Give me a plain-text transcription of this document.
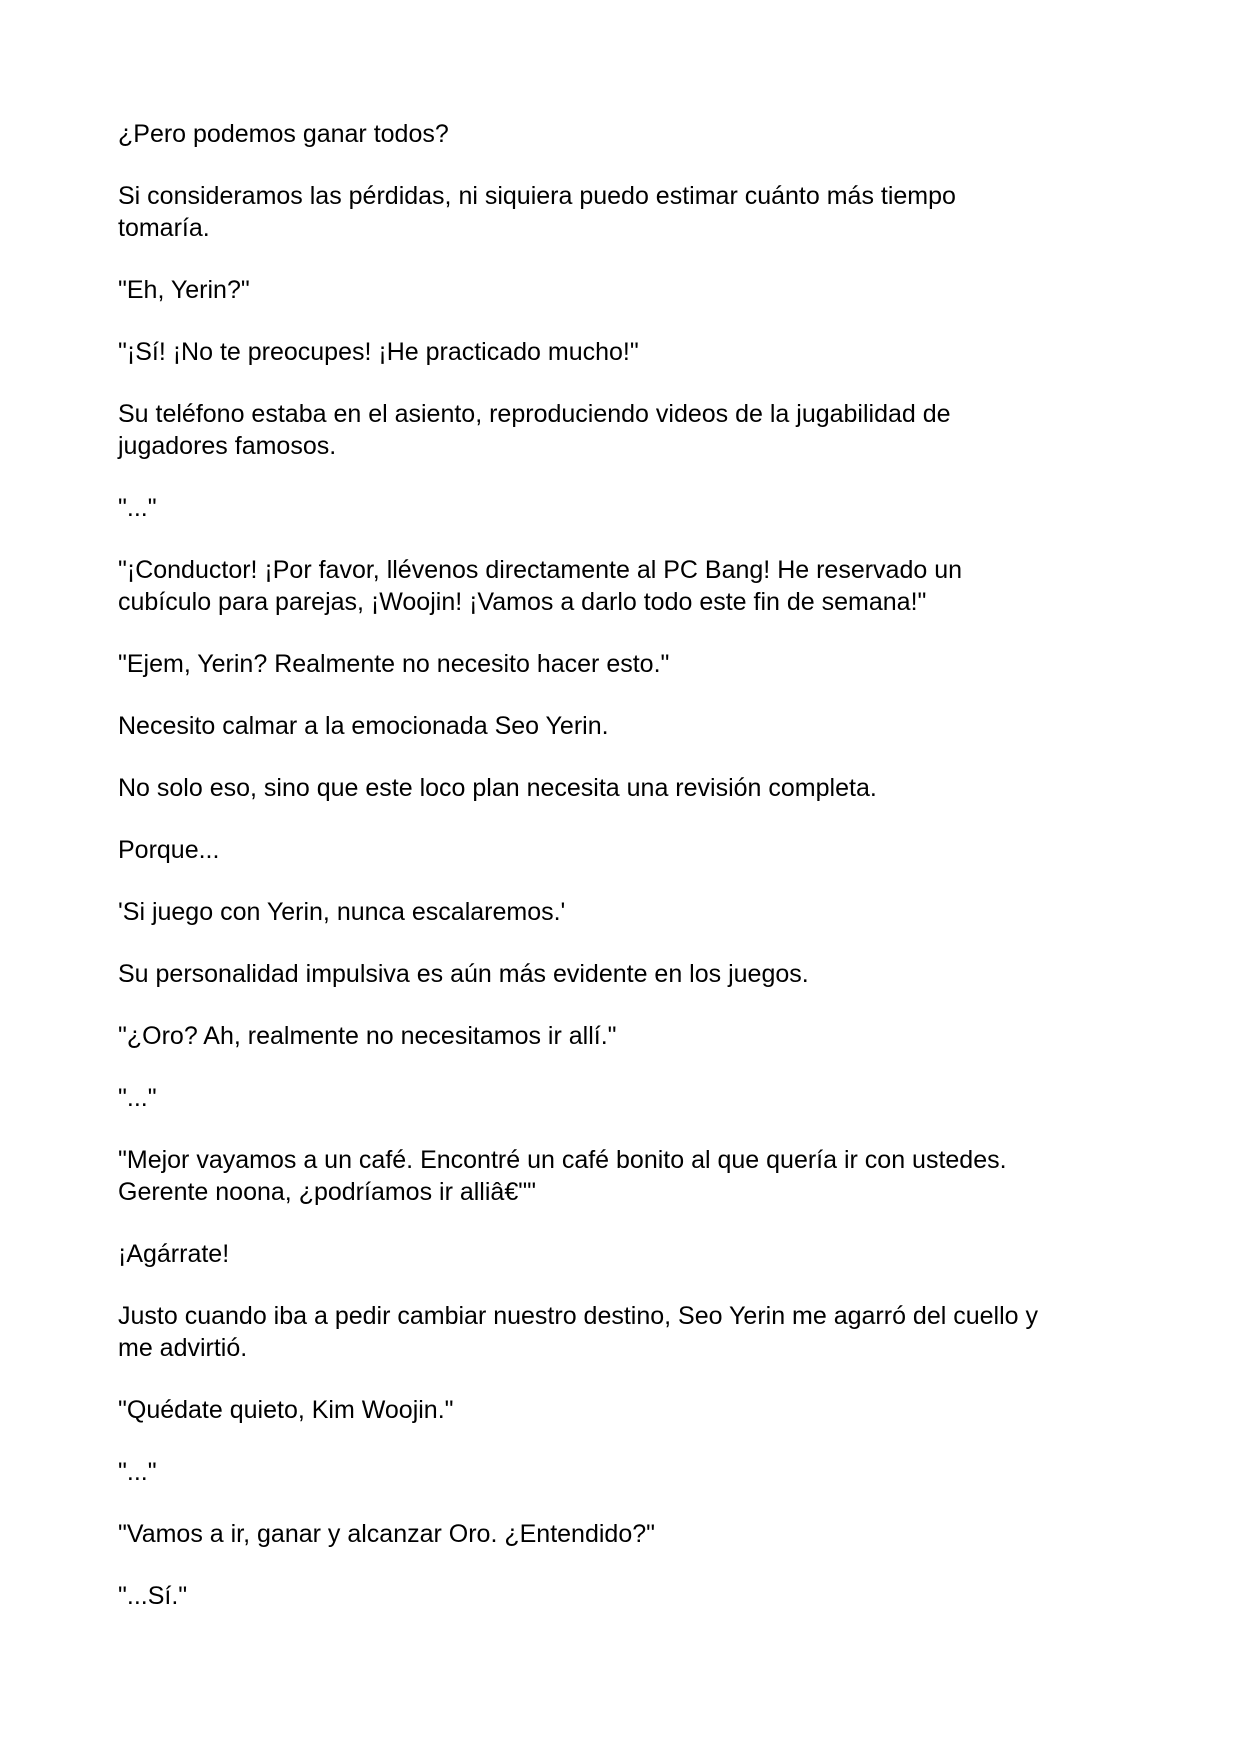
¿Pero podemos ganar todos?

Si consideramos las pérdidas, ni siquiera puedo estimar cuánto más tiempo
tomaría.

"Eh, Yerin?"

"¡Sí! ¡No te preocupes! ¡He practicado mucho!"

Su teléfono estaba en el asiento, reproduciendo videos de la jugabilidad de
jugadores famosos.

"..."

"¡Conductor! ¡Por favor, llévenos directamente al PC Bang! He reservado un
cubículo para parejas, ¡Woojin! ¡Vamos a darlo todo este fin de semana!"

"Ejem, Yerin? Realmente no necesito hacer esto."

Necesito calmar a la emocionada Seo Yerin.

No solo eso, sino que este loco plan necesita una revisión completa.

Porque...

'Si juego con Yerin, nunca escalaremos.'

Su personalidad impulsiva es aún más evidente en los juegos.

"¿Oro? Ah, realmente no necesitamos ir allí."

"..."

"Mejor vayamos a un café. Encontré un café bonito al que quería ir con ustedes.
Gerente noona, ¿podríamos ir alliâ€""

¡Agárrate!

Justo cuando iba a pedir cambiar nuestro destino, Seo Yerin me agarró del cuello y
me advirtió.

"Quédate quieto, Kim Woojin."

"..."

"Vamos a ir, ganar y alcanzar Oro. ¿Entendido?"

"...Sí."
